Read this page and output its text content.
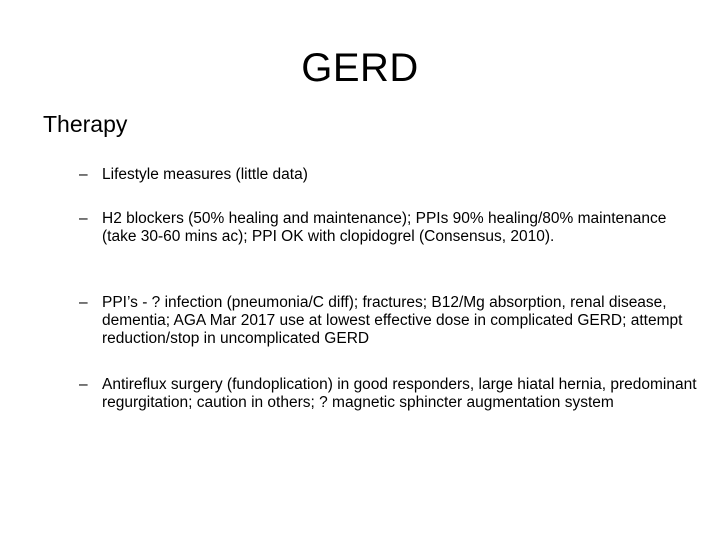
GERD
Therapy
– Lifestyle measures (little data)
– H2 blockers (50% healing and maintenance); PPIs 90% healing/80% maintenance (take 30-60 mins ac); PPI OK with clopidogrel (Consensus, 2010).
– PPI’s - ? infection (pneumonia/C diff); fractures; B12/Mg absorption, renal disease, dementia; AGA Mar 2017 use at lowest effective dose in complicated GERD; attempt reduction/stop in uncomplicated GERD
– Antireflux surgery (fundoplication) in good responders, large hiatal hernia, predominant regurgitation; caution in others; ? magnetic sphincter augmentation system
